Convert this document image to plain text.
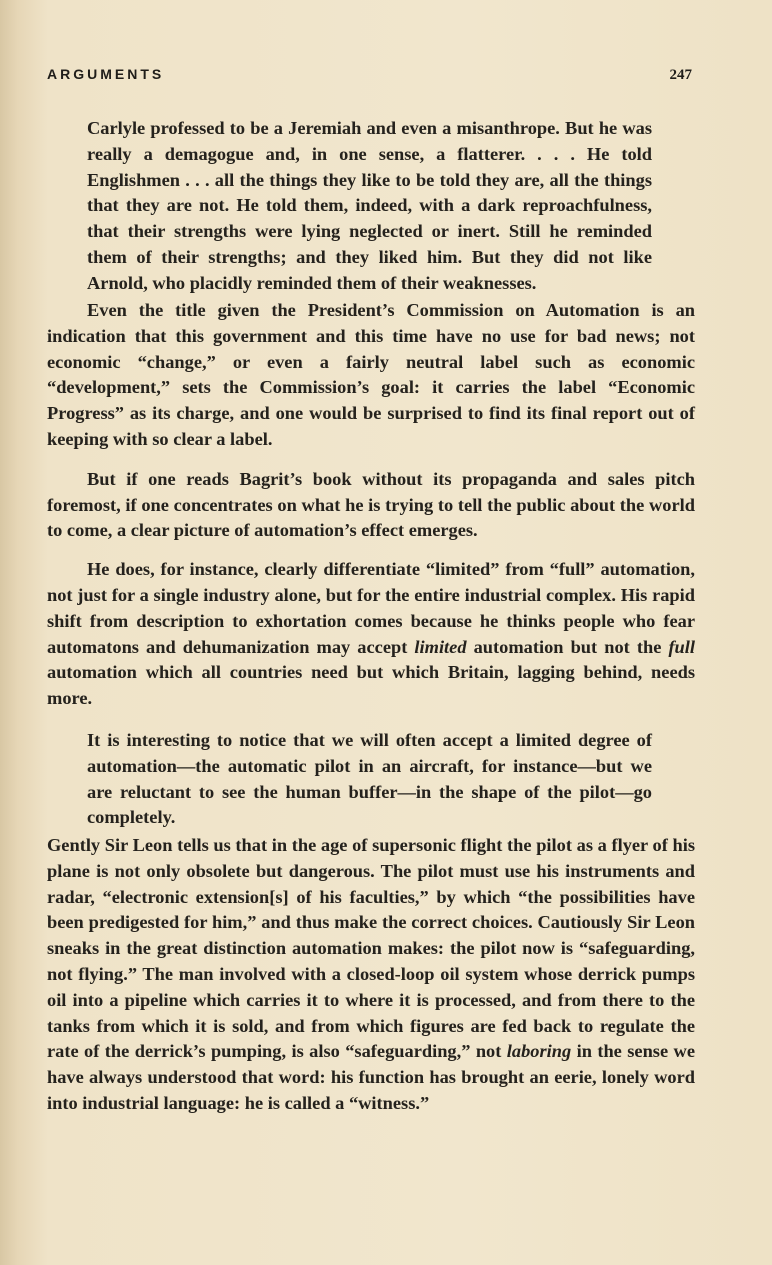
ARGUMENTS	247

Carlyle professed to be a Jeremiah and even a misanthrope. But he was really a demagogue and, in one sense, a flatterer. . . . He told Englishmen . . . all the things they like to be told they are, all the things that they are not. He told them, indeed, with a dark reproachfulness, that their strengths were lying neglected or inert. Still he reminded them of their strengths; and they liked him. But they did not like Arnold, who placidly reminded them of their weaknesses.

Even the title given the President’s Commission on Automation is an indication that this government and this time have no use for bad news; not economic “change,” or even a fairly neutral label such as economic “development,” sets the Commission’s goal: it carries the label “Economic Progress” as its charge, and one would be surprised to find its final report out of keeping with so clear a label.

But if one reads Bagrit’s book without its propaganda and sales pitch foremost, if one concentrates on what he is trying to tell the public about the world to come, a clear picture of automation’s effect emerges.

He does, for instance, clearly differentiate “limited” from “full” automation, not just for a single industry alone, but for the entire industrial complex. His rapid shift from description to exhortation comes because he thinks people who fear automatons and dehumanization may accept limited automation but not the full automation which all countries need but which Britain, lagging behind, needs more.

It is interesting to notice that we will often accept a limited degree of automation—the automatic pilot in an aircraft, for instance—but we are reluctant to see the human buffer—in the shape of the pilot—go completely.

Gently Sir Leon tells us that in the age of supersonic flight the pilot as a flyer of his plane is not only obsolete but dangerous. The pilot must use his instruments and radar, “electronic extension[s] of his faculties,” by which “the possibilities have been predigested for him,” and thus make the correct choices. Cautiously Sir Leon sneaks in the great distinction automation makes: the pilot now is “safeguarding, not flying.” The man involved with a closed-loop oil system whose derrick pumps oil into a pipeline which carries it to where it is processed, and from there to the tanks from which it is sold, and from which figures are fed back to regulate the rate of the derrick’s pumping, is also “safeguarding,” not laboring in the sense we have always understood that word: his function has brought an eerie, lonely word into industrial language: he is called a “witness.”
